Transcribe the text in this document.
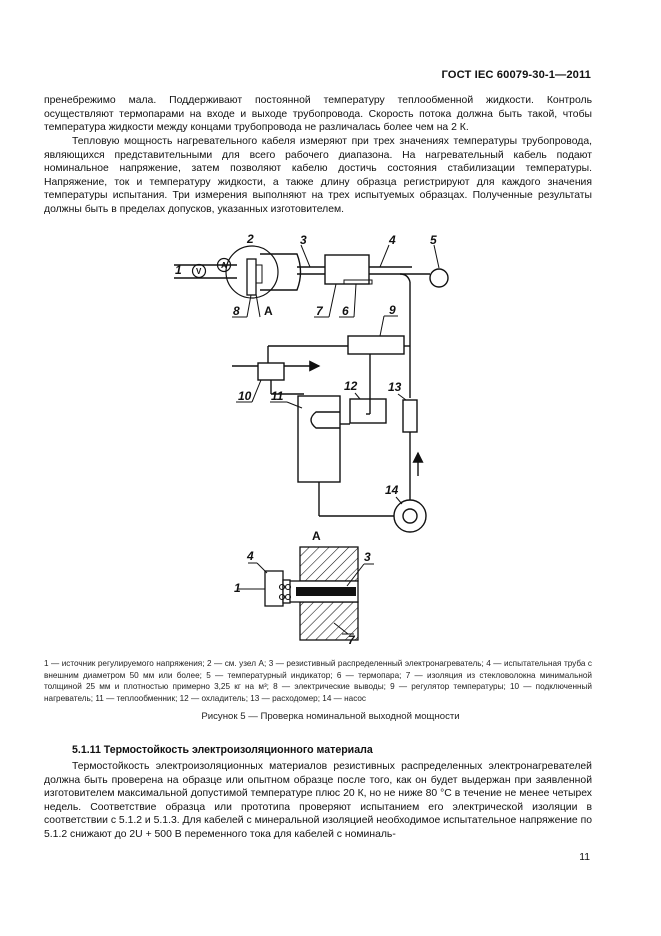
ГОСТ IEC 60079-30-1—2011

пренебрежимо мала. Поддерживают постоянной температуру теплообменной жидкости. Контроль осуществляют термопарами на входе и выходе трубопровода. Скорость потока должна быть такой, чтобы температура жидкости между концами трубопровода не различалась более чем на 2 К.

Тепловую мощность нагревательного кабеля измеряют при трех значениях температуры трубопровода, являющихся представительными для всего рабочего диапазона. На нагревательный кабель подают номинальное напряжение, затем позволяют кабелю достичь состояния стабилизации температуры. Напряжение, ток и температуру жидкости, а также длину образца регистрируют для каждого значения температуры испытания. Три измерения выполняют на трех испытуемых образцах. Полученные результаты должны быть в пределах допусков, указанных изготовителем.

1 V
A
2	3	4	5
8 A	7 6	9
10 11
12	13
14
A
1
4	3
7

1 — источник регулируемого напряжения; 2 — см. узел А; 3 — резистивный распределенный электронагреватель; 4 — испытательная труба с внешним диаметром 50 мм или более; 5 — температурный индикатор; 6 — термопара; 7 — изоляция из стекловолокна минимальной толщиной 25 мм и плотностью примерно 3,25 кг на м³; 8 — электрические выводы; 9 — регулятор температуры; 10 — подключенный нагреватель; 11 — теплообменник; 12 — охладитель; 13 — расходомер; 14 — насос

Рисунок 5 — Проверка номинальной выходной мощности
5.1.11 Термостойкость электроизоляционного материала

Термостойкость электроизоляционных материалов резистивных распределенных электронагревателей должна быть проверена на образце или опытном образце после того, как он будет выдержан при заявленной изготовителем максимальной допустимой температуре плюс 20 К, но не ниже 80 °С в течение не менее четырех недель. Соответствие образца или прототипа проверяют испытанием его электрической изоляции в соответствии с 5.1.2 и 5.1.3. Для кабелей с минеральной изоляцией необходимое испытательное напряжение по 5.1.2 снижают до 2U + 500 В переменного тока для кабелей с номиналь-

11
